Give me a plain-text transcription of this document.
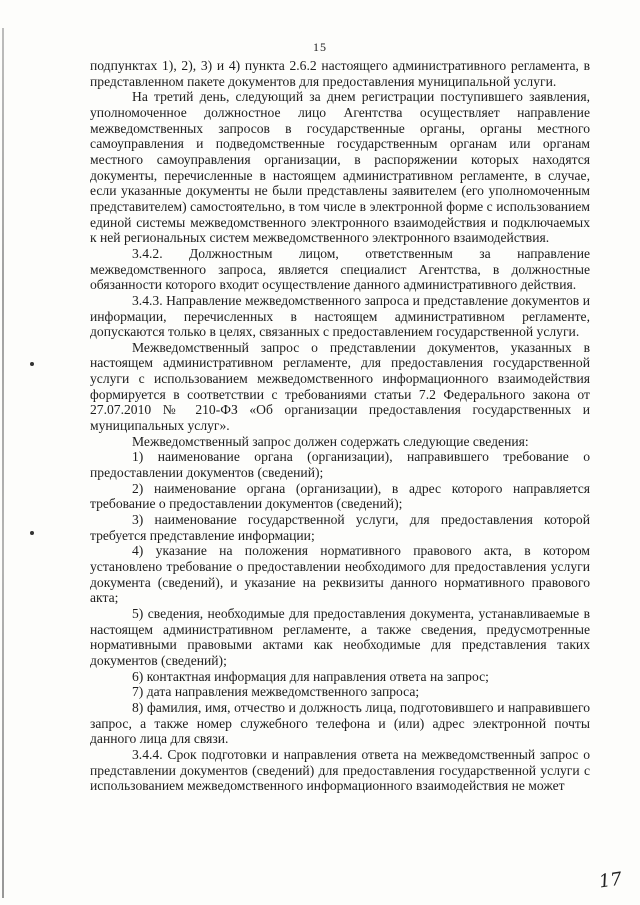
15

подпунктах 1), 2), 3) и 4) пункта 2.6.2 настоящего административного регламента, в представленном пакете документов для предоставления муниципальной услуги.

На третий день, следующий за днем регистрации поступившего заявления, уполномоченное должностное лицо Агентства осуществляет направление межведомственных запросов в государственные органы, органы местного самоуправления и подведомственные государственным органам или органам местного самоуправления организации, в распоряжении которых находятся документы, перечисленные в настоящем административном регламенте, в случае, если указанные документы не были представлены заявителем (его уполномоченным представителем) самостоятельно, в том числе в электронной форме с использованием единой системы межведомственного электронного взаимодействия и подключаемых к ней региональных систем межведомственного электронного взаимодействия.

3.4.2. Должностным лицом, ответственным за направление межведомственного запроса, является специалист Агентства, в должностные обязанности которого входит осуществление данного административного действия.

3.4.3. Направление межведомственного запроса и представление документов и информации, перечисленных в настоящем административном регламенте, допускаются только в целях, связанных с предоставлением государственной услуги.

Межведомственный запрос о представлении документов, указанных в настоящем административном регламенте, для предоставления государственной услуги с использованием межведомственного информационного взаимодействия формируется в соответствии с требованиями статьи 7.2 Федерального закона от 27.07.2010 № 210-ФЗ «Об организации предоставления государственных и муниципальных услуг».

Межведомственный запрос должен содержать следующие сведения:

1) наименование органа (организации), направившего требование о предоставлении документов (сведений);

2) наименование органа (организации), в адрес которого направляется требование о предоставлении документов (сведений);

3) наименование государственной услуги, для предоставления которой требуется представление информации;

4) указание на положения нормативного правового акта, в котором установлено требование о предоставлении необходимого для предоставления услуги документа (сведений), и указание на реквизиты данного нормативного правового акта;

5) сведения, необходимые для предоставления документа, устанавливаемые в настоящем административном регламенте, а также сведения, предусмотренные нормативными правовыми актами как необходимые для представления таких документов (сведений);

6) контактная информация для направления ответа на запрос;

7) дата направления межведомственного запроса;

8) фамилия, имя, отчество и должность лица, подготовившего и направившего запрос, а также номер служебного телефона и (или) адрес электронной почты данного лица для связи.

3.4.4. Срок подготовки и направления ответа на межведомственный запрос о представлении документов (сведений) для предоставления государственной услуги с использованием межведомственного информационного взаимодействия не может

17
